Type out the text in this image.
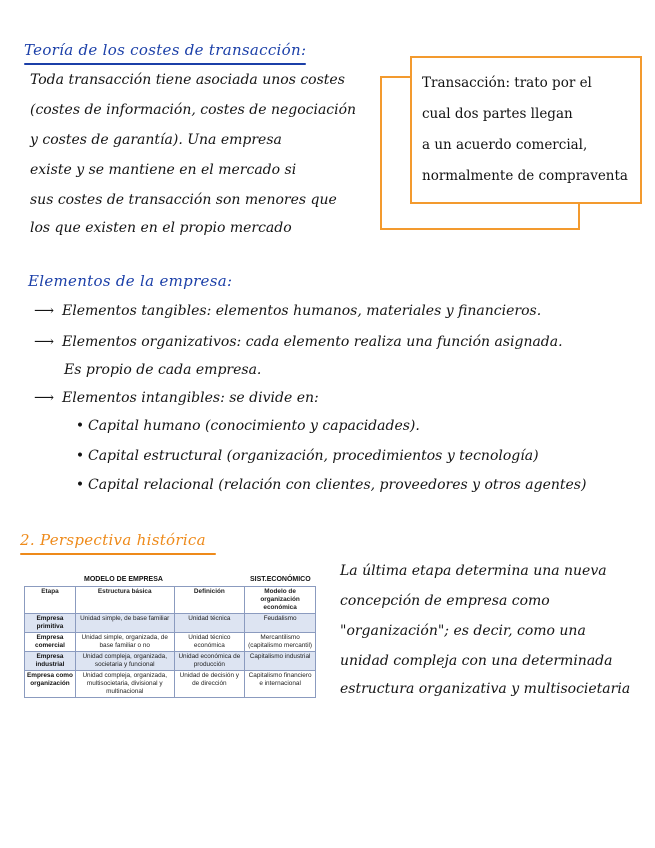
Teoría de los costes de transacción:
Toda transacción tiene asociada unos costes
(costes de información, costes de negociación
y costes de garantía). Una empresa
existe y se mantiene en el mercado si
sus costes de transacción son menores que
los que existen en el propio mercado
Transacción: trato por el
cual dos partes llegan
a un acuerdo comercial,
normalmente de compraventa
Elementos de la empresa:
⟶ Elementos tangibles: elementos humanos, materiales y financieros.
⟶ Elementos organizativos: cada elemento realiza una función asignada.
Es propio de cada empresa.
⟶ Elementos intangibles: se divide en:
• Capital humano (conocimiento y capacidades).
• Capital estructural (organización, procedimientos y tecnología)
• Capital relacional (relación con clientes, proveedores y otros agentes)
2. Perspectiva histórica
La última etapa determina una nueva
concepción de empresa como
"organización"; es decir, como una
unidad compleja con una determinada
estructura organizativa y multisocietaria
MODELO DE EMPRESA	SIST.ECONÓMICO
Etapa	Estructura básica	Definición	Modelo de organización económica
Empresa primitiva	Unidad simple, de base familiar	Unidad técnica	Feudalismo
Empresa comercial	Unidad simple, organizada, de base familiar o no	Unidad técnico económica	Mercantilismo (capitalismo mercantil)
Empresa industrial	Unidad compleja, organizada, societaria y funcional	Unidad económica de producción	Capitalismo industrial
Empresa como organización	Unidad compleja, organizada, multisocietaria, divisional y multinacional	Unidad de decisión y de dirección	Capitalismo financiero e internacional
